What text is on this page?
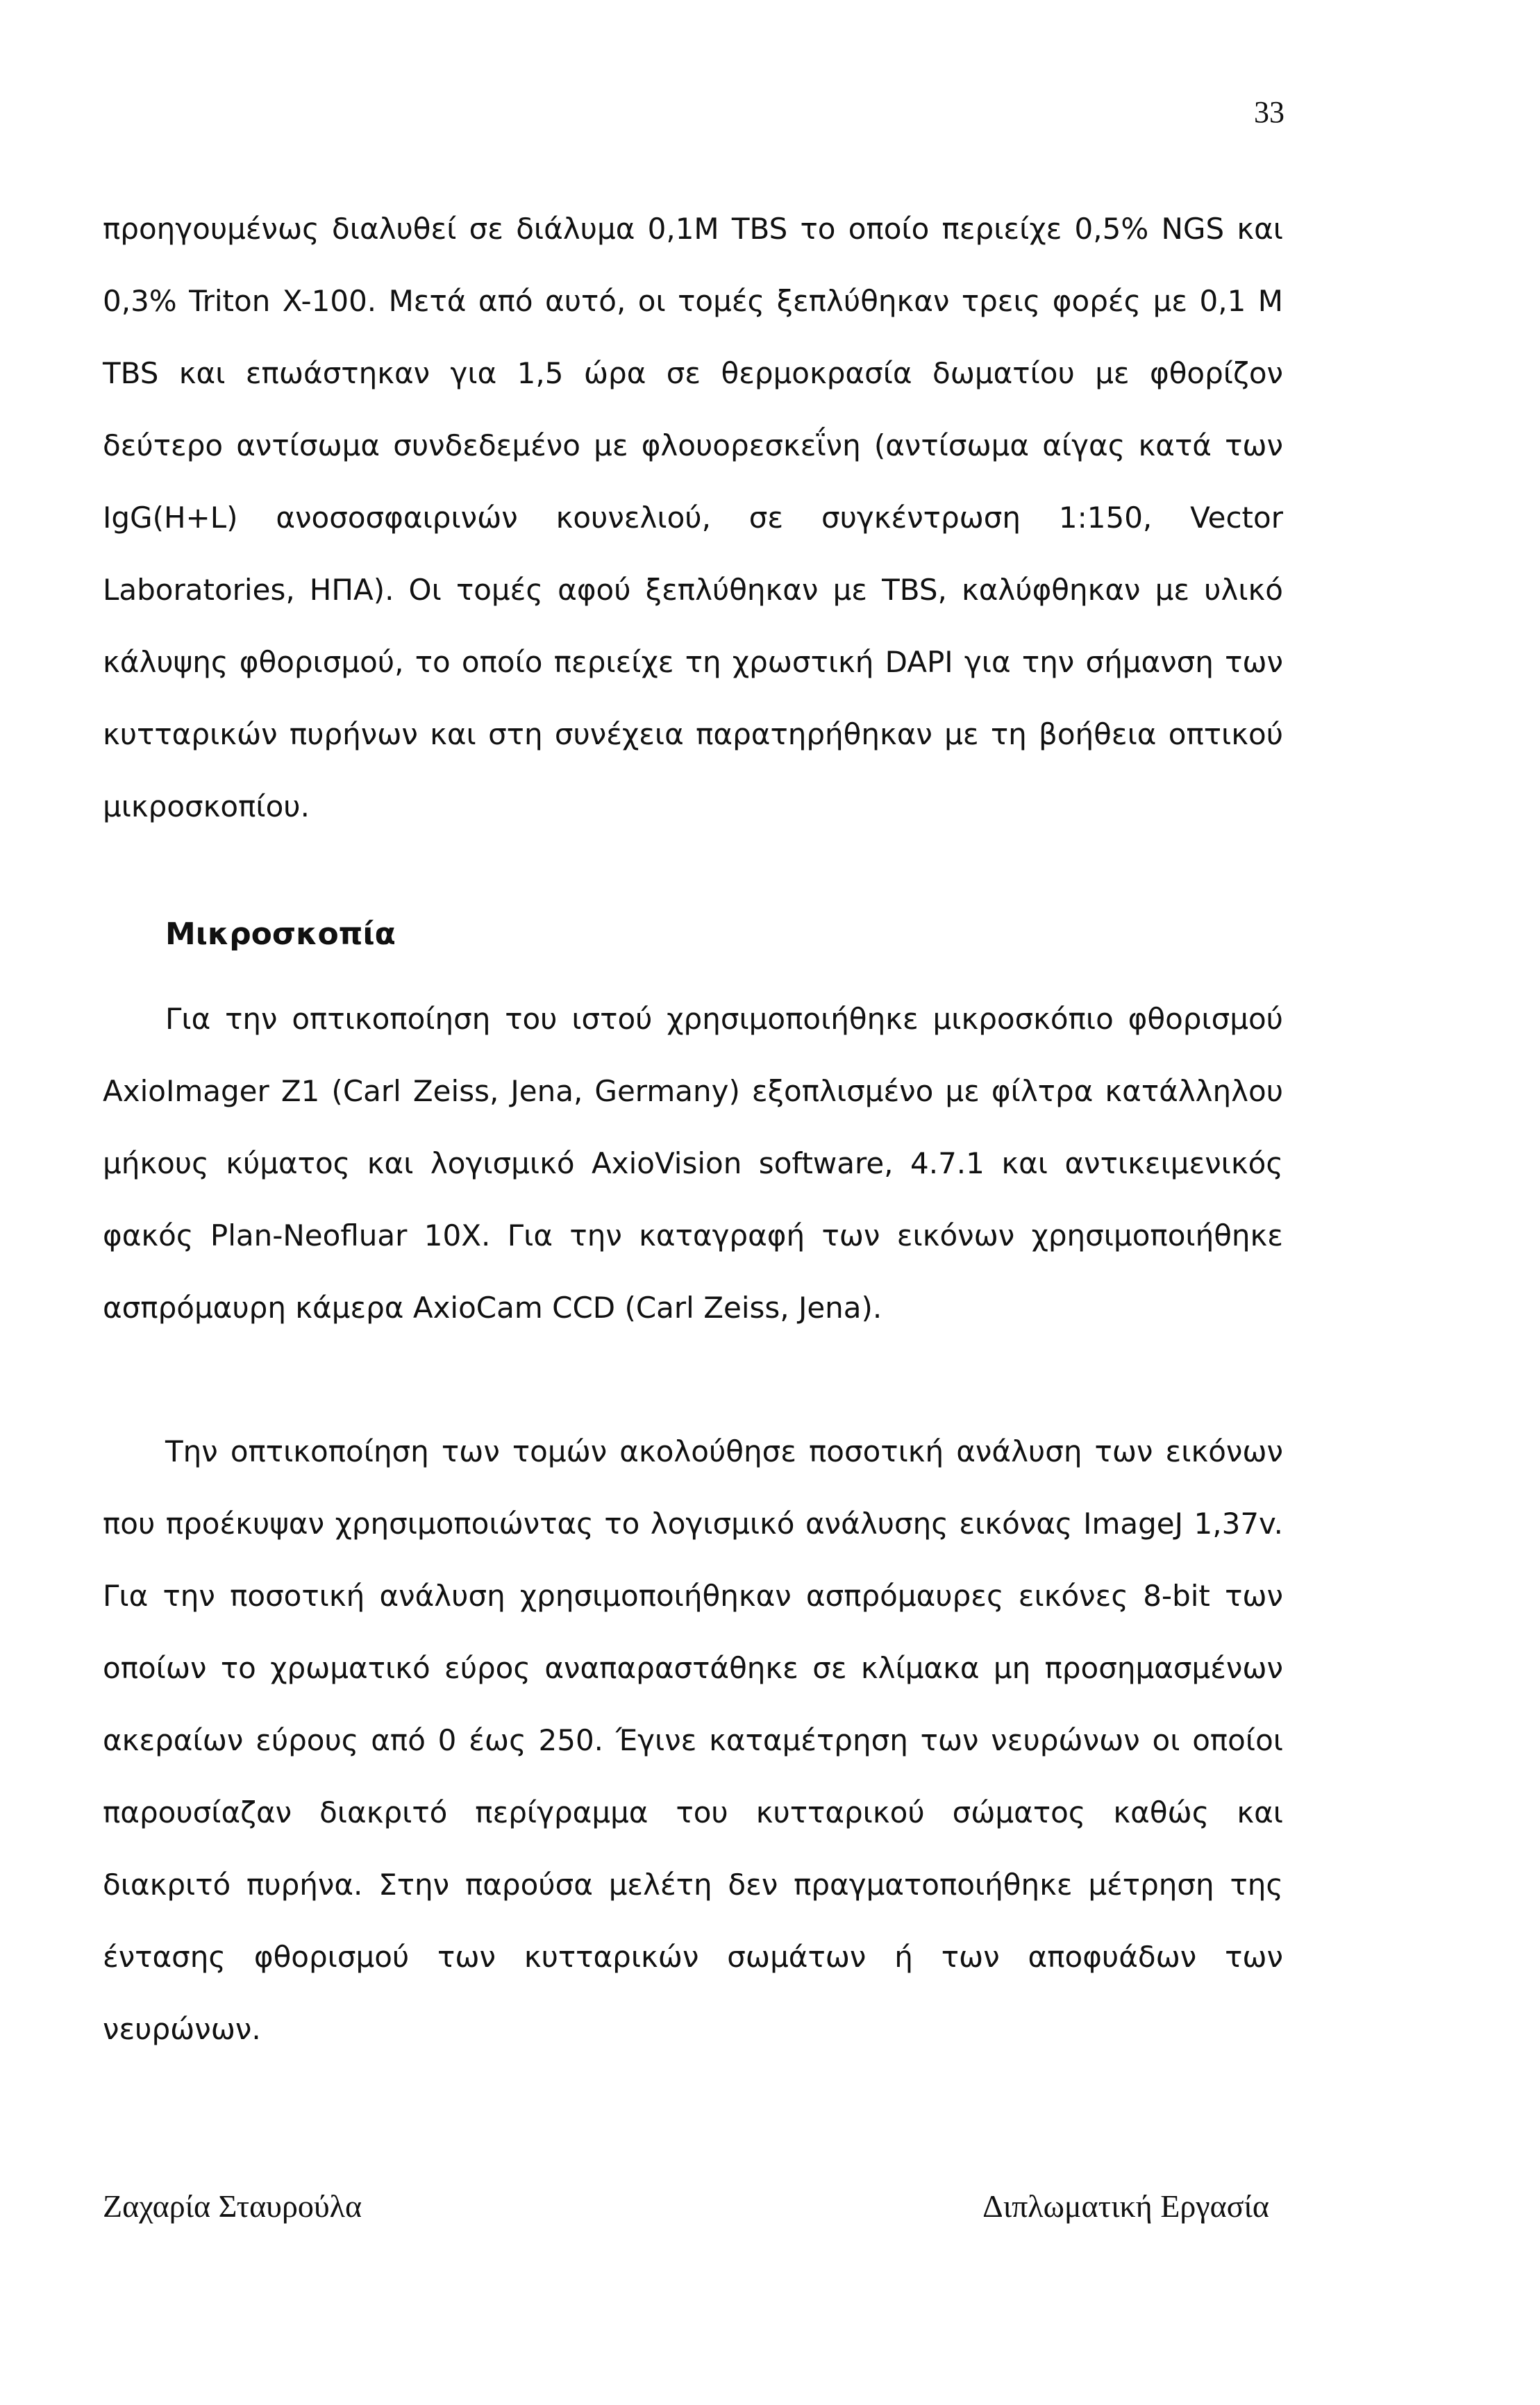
33

προηγουμένως διαλυθεί σε διάλυμα 0,1M TBS το οποίο περιείχε 0,5% NGS και 0,3% Triton X-100. Μετά από αυτό, οι τομές ξεπλύθηκαν τρεις φορές με 0,1 M TBS και επωάστηκαν για 1,5 ώρα σε θερμοκρασία δωματίου με φθορίζον δεύτερο αντίσωμα συνδεδεμένο με φλουορεσκεΐνη (αντίσωμα αίγας κατά των IgG(H+L) ανοσοσφαιρινών κουνελιού, σε συγκέντρωση 1:150, Vector Laboratories, ΗΠΑ). Οι τομές αφού ξεπλύθηκαν με TBS, καλύφθηκαν με υλικό κάλυψης φθορισμού, το οποίο περιείχε τη χρωστική DAPI για την σήμανση των κυτταρικών πυρήνων και στη συνέχεια παρατηρήθηκαν με τη βοήθεια οπτικού μικροσκοπίου.

Μικροσκοπία

Για την οπτικοποίηση του ιστού χρησιμοποιήθηκε μικροσκόπιο φθορισμού AxioImager Z1 (Carl Zeiss, Jena, Germany) εξοπλισμένο με φίλτρα κατάλληλου μήκους κύματος και λογισμικό AxioVision software, 4.7.1 και αντικειμενικός φακός Plan-Neofluar 10X. Για την καταγραφή των εικόνων χρησιμοποιήθηκε ασπρόμαυρη κάμερα AxioCam CCD (Carl Zeiss, Jena).

Την οπτικοποίηση των τομών ακολούθησε ποσοτική ανάλυση των εικόνων που προέκυψαν χρησιμοποιώντας το λογισμικό ανάλυσης εικόνας ImageJ 1,37v. Για την ποσοτική ανάλυση χρησιμοποιήθηκαν ασπρόμαυρες εικόνες 8-bit των οποίων το χρωματικό εύρος αναπαραστάθηκε σε κλίμακα μη προσημασμένων ακεραίων εύρους από 0 έως 250. Έγινε καταμέτρηση των νευρώνων οι οποίοι παρουσίαζαν διακριτό περίγραμμα του κυτταρικού σώματος καθώς και διακριτό πυρήνα. Στην παρούσα μελέτη δεν πραγματοποιήθηκε μέτρηση της έντασης φθορισμού των κυτταρικών σωμάτων ή των αποφυάδων των νευρώνων.

Ζαχαρία Σταυρούλα	Διπλωματική Εργασία
